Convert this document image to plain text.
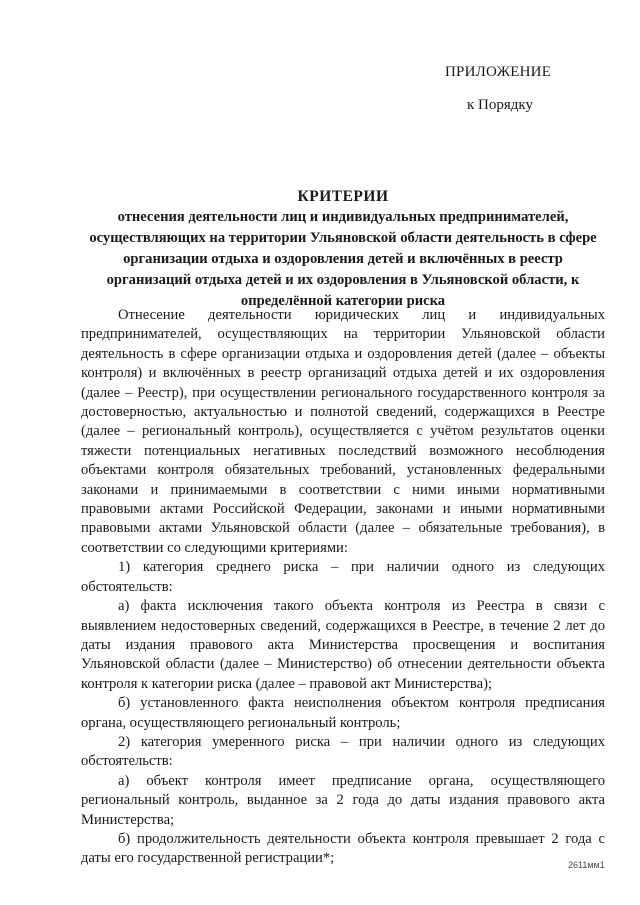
ПРИЛОЖЕНИЕ
к Порядку
КРИТЕРИИ
отнесения деятельности лиц и индивидуальных предпринимателей, осуществляющих на территории Ульяновской области деятельность в сфере организации отдыха и оздоровления детей и включённых в реестр организаций отдыха детей и их оздоровления в Ульяновской области, к определённой категории риска

Отнесение деятельности юридических лиц и индивидуальных предпринимателей, осуществляющих на территории Ульяновской области деятельность в сфере организации отдыха и оздоровления детей (далее – объекты контроля) и включённых в реестр организаций отдыха детей и их оздоровления (далее – Реестр), при осуществлении регионального государственного контроля за достоверностью, актуальностью и полнотой сведений, содержащихся в Реестре (далее – региональный контроль), осуществляется с учётом результатов оценки тяжести потенциальных негативных последствий возможного несоблюдения объектами контроля обязательных требований, установленных федеральными законами и принимаемыми в соответствии с ними иными нормативными правовыми актами Российской Федерации, законами и иными нормативными правовыми актами Ульяновской области (далее – обязательные требования), в соответствии со следующими критериями:

1) категория среднего риска – при наличии одного из следующих обстоятельств:

а) факта исключения такого объекта контроля из Реестра в связи с выявлением недостоверных сведений, содержащихся в Реестре, в течение 2 лет до даты издания правового акта Министерства просвещения и воспитания Ульяновской области (далее – Министерство) об отнесении деятельности объекта контроля к категории риска (далее – правовой акт Министерства);

б) установленного факта неисполнения объектом контроля предписания органа, осуществляющего региональный контроль;

2) категория умеренного риска – при наличии одного из следующих обстоятельств:

а) объект контроля имеет предписание органа, осуществляющего региональный контроль, выданное за 2 года до даты издания правового акта Министерства;

б) продолжительность деятельности объекта контроля превышает 2 года с даты его государственной регистрации*;	2611мм1
